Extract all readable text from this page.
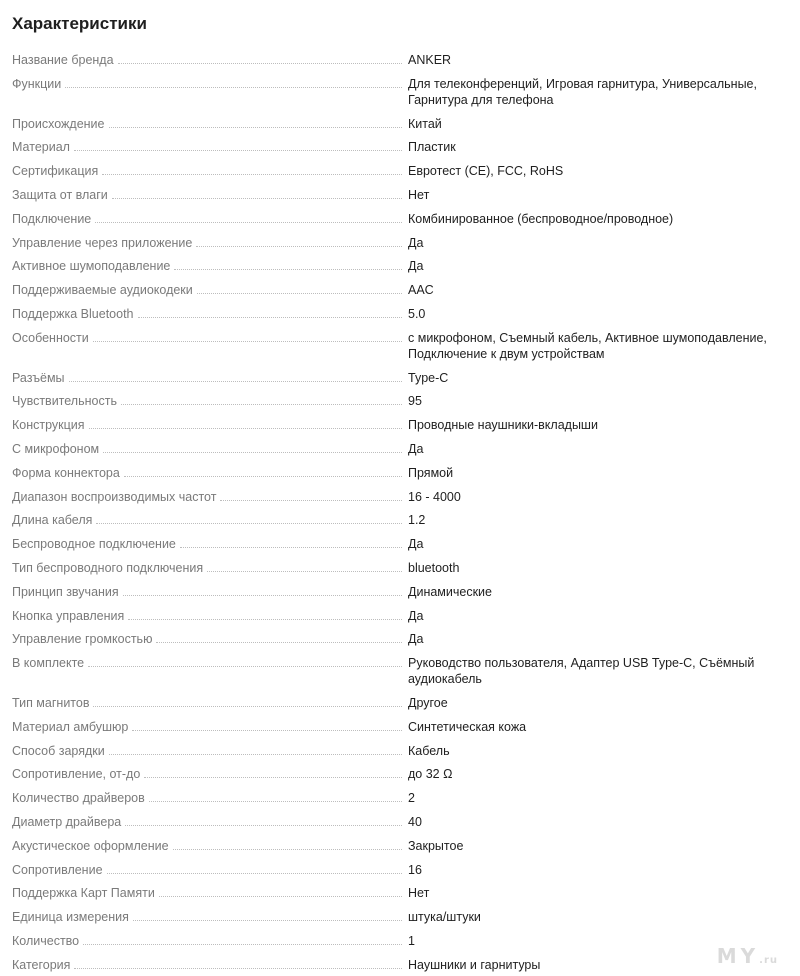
Характеристики
Название бренда	ANKER
Функции	Для телеконференций, Игровая гарнитура, Универсальные, Гарнитура для телефона
Происхождение	Китай
Материал	Пластик
Сертификация	Евротест (CE), FCC, RoHS
Защита от влаги	Нет
Подключение	Комбинированное (беспроводное/проводное)
Управление через приложение	Да
Активное шумоподавление	Да
Поддерживаемые аудиокодеки	AAC
Поддержка Bluetooth	5.0
Особенности	с микрофоном, Съемный кабель, Активное шумоподавление, Подключение к двум устройствам
Разъёмы	Type-C
Чувствительность	95
Конструкция	Проводные наушники-вкладыши
С микрофоном	Да
Форма коннектора	Прямой
Диапазон воспроизводимых частот	16 - 4000
Длина кабеля	1.2
Беспроводное подключение	Да
Тип беспроводного подключения	bluetooth
Принцип звучания	Динамические
Кнопка управления	Да
Управление громкостью	Да
В комплекте	Руководство пользователя, Адаптер USB Type-C, Съёмный аудиокабель
Тип магнитов	Другое
Материал амбушюр	Синтетическая кожа
Способ зарядки	Кабель
Сопротивление, от-до	до 32 Ω
Количество драйверов	2
Диаметр драйвера	40
Акустическое оформление	Закрытое
Сопротивление	16
Поддержка Карт Памяти	Нет
Единица измерения	штука/штуки
Количество	1
Категория	Наушники и гарнитуры	MY.ru
